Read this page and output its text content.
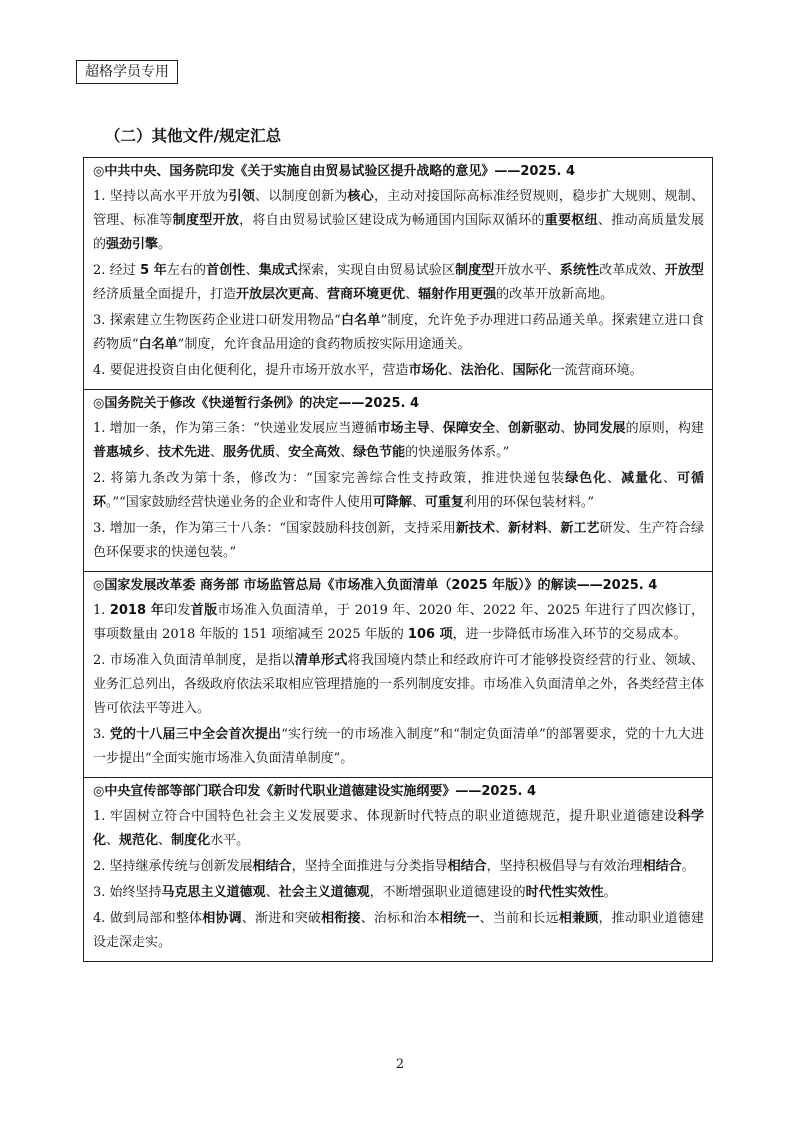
超格学员专用
（二）其他文件/规定汇总
◎中共中央、国务院印发《关于实施自由贸易试验区提升战略的意见》——2025. 4
1. 坚持以高水平开放为引领、以制度创新为核心，主动对接国际高标准经贸规则，稳步扩大规则、规制、管理、标准等制度型开放，将自由贸易试验区建设成为畅通国内国际双循环的重要枢纽、推动高质量发展的强劲引擎。
2. 经过 5 年左右的首创性、集成式探索，实现自由贸易试验区制度型开放水平、系统性改革成效、开放型经济质量全面提升，打造开放层次更高、营商环境更优、辐射作用更强的改革开放新高地。
3. 探索建立生物医药企业进口研发用物品“白名单”制度，允许免予办理进口药品通关单。探索建立进口食药物质“白名单”制度，允许食品用途的食药物质按实际用途通关。
4. 要促进投资自由化便利化，提升市场开放水平，营造市场化、法治化、国际化一流营商环境。

◎国务院关于修改《快递暂行条例》的决定——2025. 4
1. 增加一条，作为第三条：“快递业发展应当遵循市场主导、保障安全、创新驱动、协同发展的原则，构建普惠城乡、技术先进、服务优质、安全高效、绿色节能的快递服务体系。”
2. 将第九条改为第十条，修改为：“国家完善综合性支持政策，推进快递包装绿色化、减量化、可循环。”“国家鼓励经营快递业务的企业和寄件人使用可降解、可重复利用的环保包装材料。”
3. 增加一条，作为第三十八条：“国家鼓励科技创新，支持采用新技术、新材料、新工艺研发、生产符合绿色环保要求的快递包装。”

◎国家发展改革委 商务部 市场监管总局《市场准入负面清单（2025 年版）》的解读——2025. 4
1. 2018 年印发首版市场准入负面清单，于 2019 年、2020 年、2022 年、2025 年进行了四次修订，事项数量由 2018 年版的 151 项缩减至 2025 年版的 106 项，进一步降低市场准入环节的交易成本。
2. 市场准入负面清单制度，是指以清单形式将我国境内禁止和经政府许可才能够投资经营的行业、领域、业务汇总列出，各级政府依法采取相应管理措施的一系列制度安排。市场准入负面清单之外，各类经营主体皆可依法平等进入。
3. 党的十八届三中全会首次提出“实行统一的市场准入制度”和“制定负面清单”的部署要求，党的十九大进一步提出“全面实施市场准入负面清单制度”。

◎中央宣传部等部门联合印发《新时代职业道德建设实施纲要》——2025. 4
1. 牢固树立符合中国特色社会主义发展要求、体现新时代特点的职业道德规范，提升职业道德建设科学化、规范化、制度化水平。
2. 坚持继承传统与创新发展相结合，坚持全面推进与分类指导相结合，坚持积极倡导与有效治理相结合。
3. 始终坚持马克思主义道德观、社会主义道德观，不断增强职业道德建设的时代性实效性。
4. 做到局部和整体相协调、渐进和突破相衔接、治标和治本相统一、当前和长远相兼顾，推动职业道德建设走深走实。
2
